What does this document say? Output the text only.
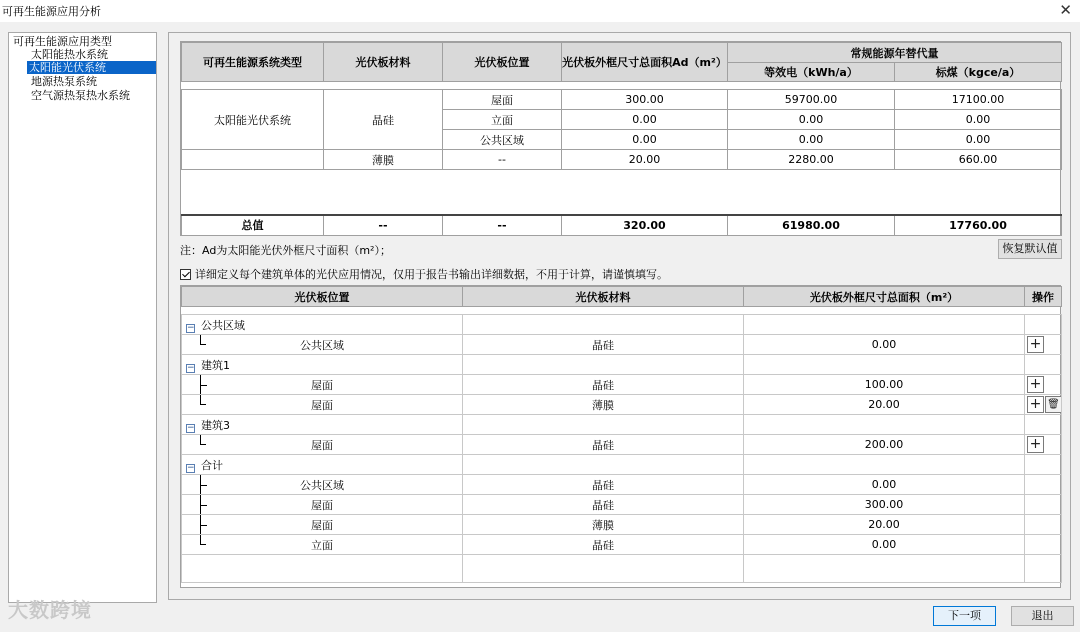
可再生能源应用分析	✕
可再生能源应用类型
太阳能热水系统
太阳能光伏系统
地源热泵系统
空气源热泵热水系统
可再生能源系统类型	光伏板材料	光伏板位置	光伏板外框尺寸总面积Ad（m²）	常规能源年替代量	
				等效电（kWh/a）	标煤（kgce/a）

太阳能光伏系统	晶硅	屋面	300.00	59700.00	17100.00
		立面	0.00	0.00	0.00
		公共区域	0.00	0.00	0.00
	薄膜	--	20.00	2280.00	660.00

总值	--	--	320.00	61980.00	17760.00
注：Ad为太阳能光伏外框尺寸面积（m²）；	恢复默认值
详细定义每个建筑单体的光伏应用情况，仅用于报告书输出详细数据，不用于计算，请谨慎填写。
光伏板位置	光伏板材料	光伏板外框尺寸总面积（m²）	操作

− 公共区域			

公共区域	晶硅	0.00	+
− 建筑1			

屋面	晶硅	100.00	+

屋面	薄膜	20.00	+ 🗑
− 建筑3			

屋面	晶硅	200.00	+
− 合计			

公共区域	晶硅	0.00	

屋面	晶硅	300.00	

屋面	薄膜	20.00	

立面	晶硅	0.00	

大数跨境	下一项	退出
